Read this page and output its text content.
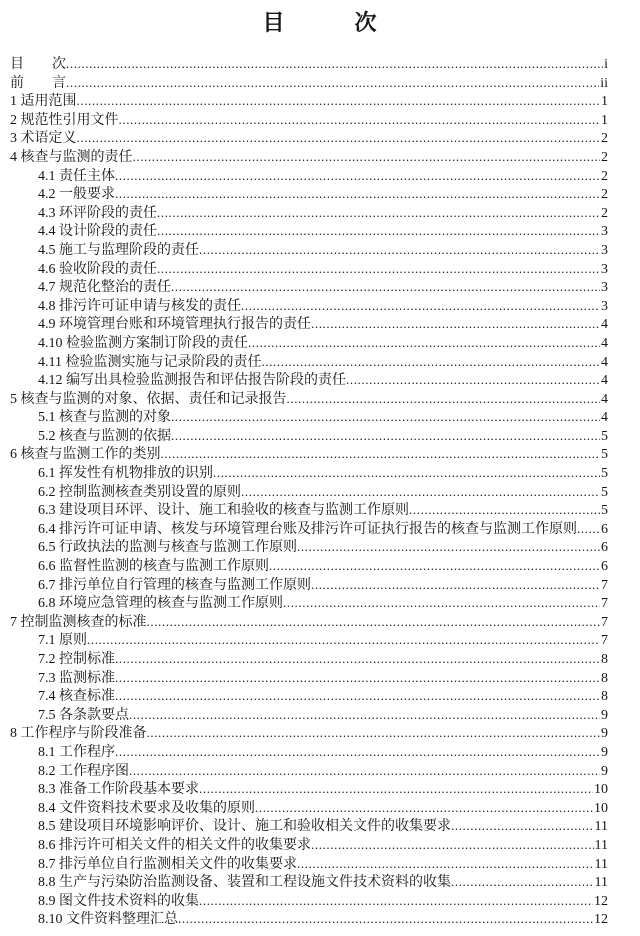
目　　　次
目　　次 .....	i
前　　言 .....	ii
1 适用范围 .....	1
2 规范性引用文件 .....	1
3 术语定义 .....	2
4 核查与监测的责任 .....	2
4.1 责任主体 .....	2
4.2 一般要求 .....	2
4.3 环评阶段的责任 .....	2
4.4 设计阶段的责任 .....	3
4.5 施工与监理阶段的责任 .....	3
4.6 验收阶段的责任 .....	3
4.7 规范化整治的责任 .....	3
4.8 排污许可证申请与核发的责任 .....	3
4.9 环境管理台账和环境管理执行报告的责任 .....	4
4.10 检验监测方案制订阶段的责任 .....	4
4.11 检验监测实施与记录阶段的责任 .....	4
4.12 编写出具检验监测报告和评估报告阶段的责任 .....	4
5 核查与监测的对象、依据、责任和记录报告 .....	4
5.1 核查与监测的对象 .....	4
5.2 核查与监测的依据 .....	5
6 核查与监测工作的类别 .....	5
6.1 挥发性有机物排放的识别 .....	5
6.2 控制监测核查类别设置的原则 .....	5
6.3 建设项目环评、设计、施工和验收的核查与监测工作原则 .....	5
6.4 排污许可证申请、核发与环境管理台账及排污许可证执行报告的核查与监测工作原则 ..... 6
6.5 行政执法的监测与核查与监测工作原则 .....	6
6.6 监督性监测的核查与监测工作原则 .....	6
6.7 排污单位自行管理的核查与监测工作原则 .....	7
6.8 环境应急管理的核查与监测工作原则 .....	7
7 控制监测核查的标准 .....	7
7.1 原则 .....	7
7.2 控制标准 .....	8
7.3 监测标准 .....	8
7.4 核查标准 .....	8
7.5 各条款要点 .....	9
8 工作程序与阶段准备 .....	9
8.1 工作程序 .....	9
8.2 工作程序图 .....	9
8.3 准备工作阶段基本要求 .....	10
8.4 文件资料技术要求及收集的原则 .....	10
8.5 建设项目环境影响评价、设计、施工和验收相关文件的收集要求 .....	11
8.6 排污许可相关文件的相关文件的收集要求 .....	11
8.7 排污单位自行监测相关文件的收集要求 .....	11
8.8 生产与污染防治监测设备、装置和工程设施文件技术资料的收集 .....	11
8.9 图文件技术资料的收集 .....	12
8.10 文件资料整理汇总 .....	12
